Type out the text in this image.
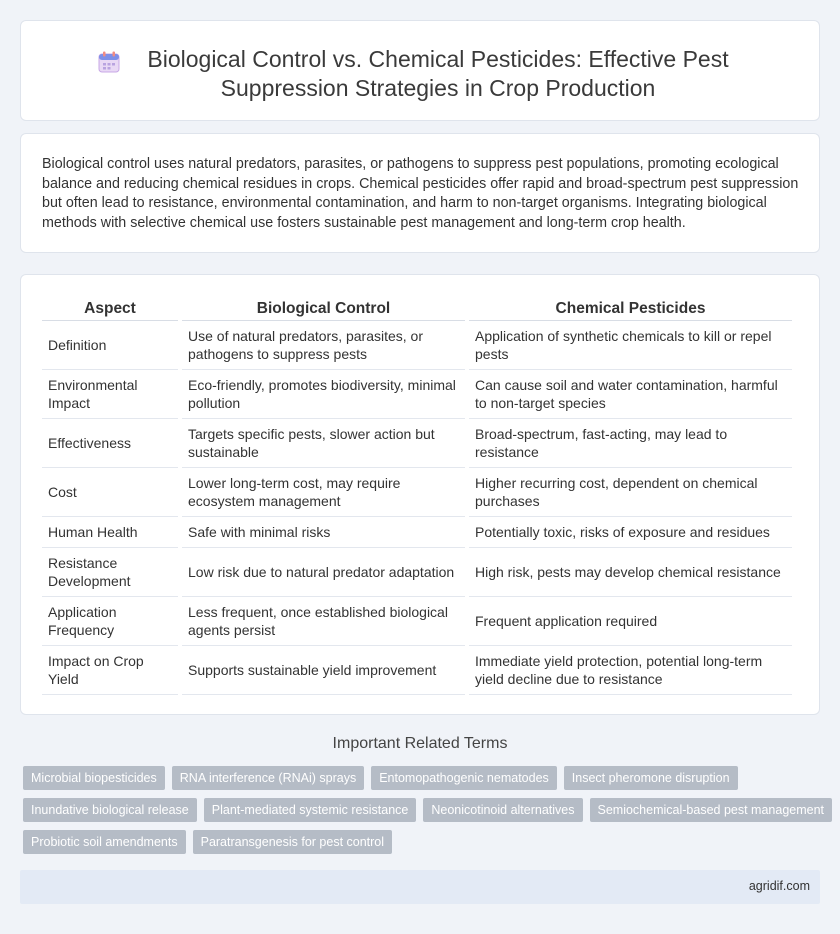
Biological Control vs. Chemical Pesticides: Effective Pest Suppression Strategies in Crop Production

Biological control uses natural predators, parasites, or pathogens to suppress pest populations, promoting ecological balance and reducing chemical residues in crops. Chemical pesticides offer rapid and broad-spectrum pest suppression but often lead to resistance, environmental contamination, and harm to non-target organisms. Integrating biological methods with selective chemical use fosters sustainable pest management and long-term crop health.

Aspect	Biological Control	Chemical Pesticides
Definition	Use of natural predators, parasites, or pathogens to suppress pests	Application of synthetic chemicals to kill or repel pests
Environmental Impact	Eco-friendly, promotes biodiversity, minimal pollution	Can cause soil and water contamination, harmful to non-target species
Effectiveness	Targets specific pests, slower action but sustainable	Broad-spectrum, fast-acting, may lead to resistance
Cost	Lower long-term cost, may require ecosystem management	Higher recurring cost, dependent on chemical purchases
Human Health	Safe with minimal risks	Potentially toxic, risks of exposure and residues
Resistance Development	Low risk due to natural predator adaptation	High risk, pests may develop chemical resistance
Application Frequency	Less frequent, once established biological agents persist	Frequent application required
Impact on Crop Yield	Supports sustainable yield improvement	Immediate yield protection, potential long-term yield decline due to resistance
Important Related Terms
Microbial biopesticides	RNA interference (RNAi) sprays	Entomopathogenic nematodes	Insect pheromone disruption
Inundative biological release	Plant-mediated systemic resistance	Neonicotinoid alternatives	Semiochemical-based pest management
Probiotic soil amendments	Paratransgenesis for pest control
agridif.com
